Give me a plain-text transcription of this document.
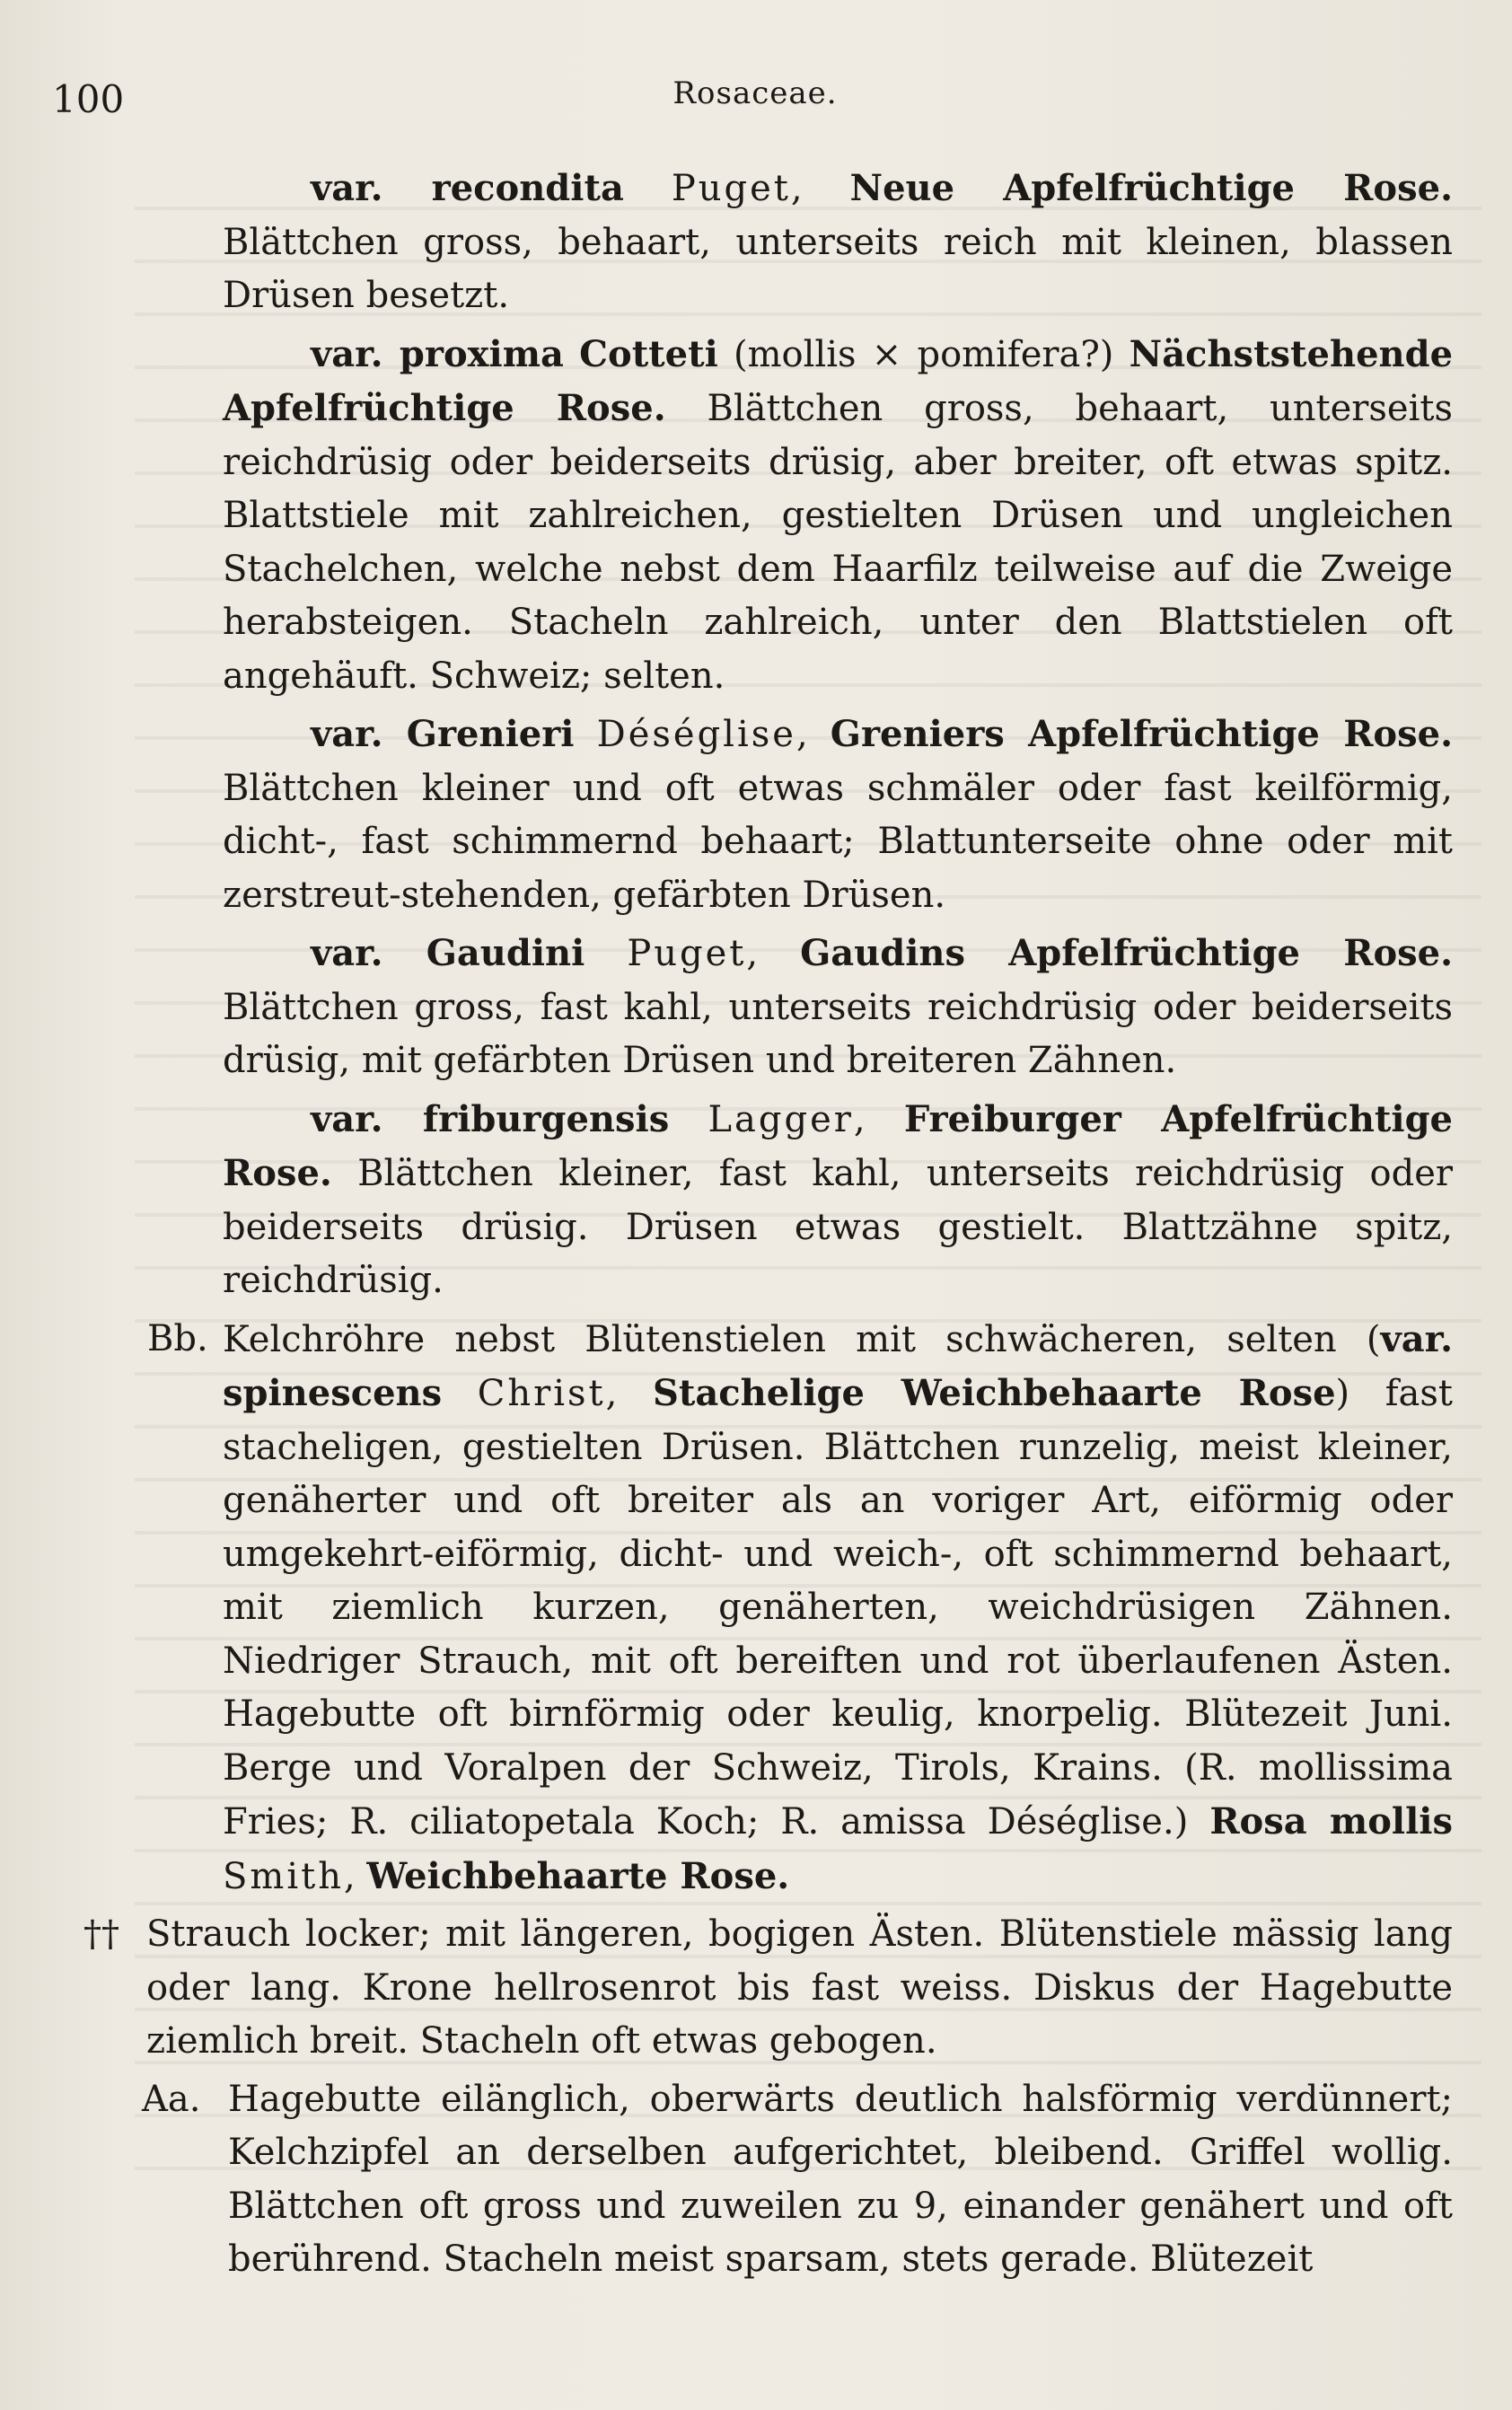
100	Rosaceae.

var. recondita Puget, Neue Apfelfrüchtige Rose. Blättchen gross, behaart, unterseits reich mit kleinen, blassen Drüsen besetzt.

var. proxima Cotteti (mollis × pomifera?) Nächststehende Apfelfrüchtige Rose. Blättchen gross, behaart, unterseits reichdrüsig oder beiderseits drüsig, aber breiter, oft etwas spitz. Blattstiele mit zahlreichen, gestielten Drüsen und ungleichen Stachelchen, welche nebst dem Haarfilz teilweise auf die Zweige herabsteigen. Stacheln zahlreich, unter den Blattstielen oft angehäuft. Schweiz; selten.

var. Grenieri Déséglise, Greniers Apfelfrüchtige Rose. Blättchen kleiner und oft etwas schmäler oder fast keilförmig, dicht-, fast schimmernd behaart; Blattunterseite ohne oder mit zerstreut-stehenden, gefärbten Drüsen.

var. Gaudini Puget, Gaudins Apfelfrüchtige Rose. Blättchen gross, fast kahl, unterseits reichdrüsig oder beiderseits drüsig, mit gefärbten Drüsen und breiteren Zähnen.

var. friburgensis Lagger, Freiburger Apfelfrüchtige Rose. Blättchen kleiner, fast kahl, unterseits reichdrüsig oder beiderseits drüsig. Drüsen etwas gestielt. Blattzähne spitz, reichdrüsig.

Bb. Kelchröhre nebst Blütenstielen mit schwächeren, selten (var. spinescens Christ, Stachelige Weichbehaarte Rose) fast stacheligen, gestielten Drüsen. Blättchen runzelig, meist kleiner, genäherter und oft breiter als an voriger Art, eiförmig oder umgekehrt-eiförmig, dicht- und weich-, oft schimmernd behaart, mit ziemlich kurzen, genäherten, weichdrüsigen Zähnen. Niedriger Strauch, mit oft bereiften und rot überlaufenen Ästen. Hagebutte oft birnförmig oder keulig, knorpelig. Blütezeit Juni. Berge und Voralpen der Schweiz, Tirols, Krains. (R. mollissima Fries; R. ciliatopetala Koch; R. amissa Déséglise.) Rosa mollis Smith, Weichbehaarte Rose.

†† Strauch locker; mit längeren, bogigen Ästen. Blütenstiele mässig lang oder lang. Krone hellrosenrot bis fast weiss. Diskus der Hagebutte ziemlich breit. Stacheln oft etwas gebogen.

Aa. Hagebutte eilänglich, oberwärts deutlich halsförmig verdünnert; Kelchzipfel an derselben aufgerichtet, bleibend. Griffel wollig. Blättchen oft gross und zuweilen zu 9, einander genähert und oft berührend. Stacheln meist sparsam, stets gerade. Blütezeit
